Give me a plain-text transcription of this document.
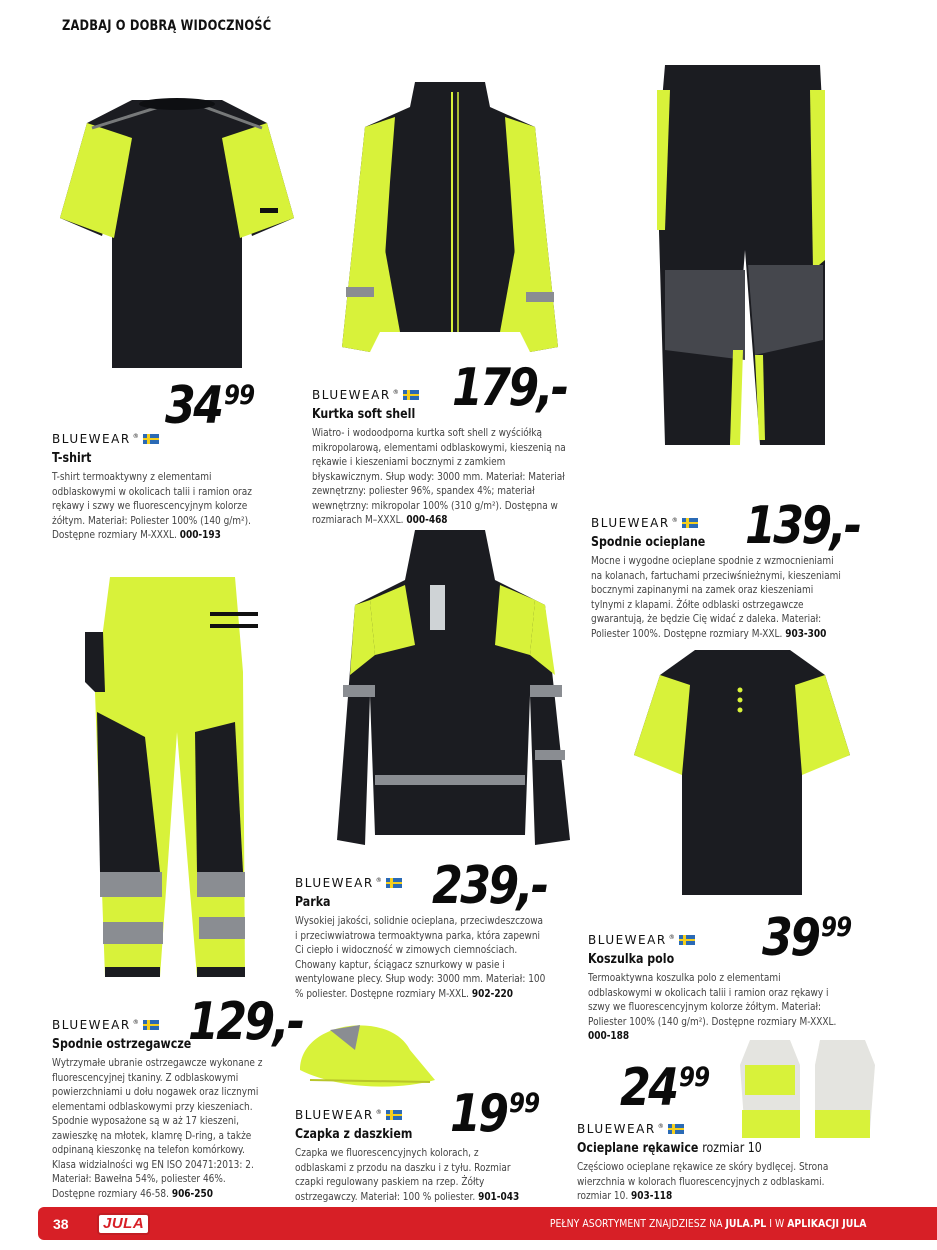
ZADBAJ O DOBRĄ WIDOCZNOŚĆ
34 99
BLUEWEAR ®
T-shirt
T-shirt termoaktywny z elementami odblaskowymi w okolicach talii i ramion oraz rękawy i szwy we fluorescencyjnym kolorze żółtym. Materiał: Poliester 100% (140 g/m²). Dostępne rozmiary M-XXXL. 000-193
179,-
BLUEWEAR ®
Kurtka soft shell
Wiatro- i wodoodporna kurtka soft shell z wyściółką mikropolarową, elementami odblaskowymi, kieszenią na rękawie i kieszeniami bocznymi z zamkiem błyskawicznym. Słup wody: 3000 mm. Materiał: Materiał zewnętrzny: poliester 96%, spandex 4%; materiał wewnętrzny: mikropolar 100% (310 g/m²). Dostępna w rozmiarach M–XXXL. 000-468	139,-
BLUEWEAR ®
Spodnie ocieplane
Mocne i wygodne ocieplane spodnie z wzmocnieniami na kolanach, fartuchami przeciwśnieżnymi, kieszeniami bocznymi zapinanymi na zamek oraz kieszeniami tylnymi z klapami. Żółte odblaski ostrzegawcze gwarantują, że będzie Cię widać z daleka. Materiał: Poliester 100%. Dostępne rozmiary M-XXL. 903-300
239,-
BLUEWEAR ®
Parka
Wysokiej jakości, solidnie ocieplana, przeciwdeszczowa i przeciwwiatrowa termoaktywna parka, która zapewni Ci ciepło i widoczność w zimowych ciemnościach. Chowany kaptur, ściągacz sznurkowy w pasie i wentylowane plecy. Słup wody: 3000 mm. Materiał: 100 % poliester. Dostępne rozmiary M-XXL. 902-220
39 99
BLUEWEAR ®
Koszulka polo
Termoaktywna koszulka polo z elementami odblaskowymi w okolicach talii i ramion oraz rękawy i szwy we fluorescencyjnym kolorze żółtym. Materiał: Poliester 100% (140 g/m²). Dostępne rozmiary M-XXXL. 000-188
129,-
BLUEWEAR ®
Spodnie ostrzegawcze
Wytrzymałe ubranie ostrzegawcze wykonane z fluorescencyjnej tkaniny. Z odblaskowymi powierzchniami u dołu nogawek oraz licznymi elementami odblaskowymi przy kieszeniach. Spodnie wyposażone są w aż 17 kieszeni, zawieszkę na młotek, klamrę D-ring, a także odpinaną kieszonkę na telefon komórkowy. Klasa widzialności wg EN ISO 20471:2013: 2. Materiał: Bawełna 54%, poliester 46%. Dostępne rozmiary 46-58. 906-250
19 99
BLUEWEAR ®
Czapka z daszkiem
Czapka we fluorescencyjnych kolorach, z odblaskami z przodu na daszku i z tyłu. Rozmiar czapki regulowany paskiem na rzep. Żółty ostrzegawczy. Materiał: 100 % poliester. 901-043
24 99
BLUEWEAR ®
Ocieplane rękawice rozmiar 10
Częściowo ocieplane rękawice ze skóry bydlęcej. Strona wierzchnia w kolorach fluorescencyjnych z odblaskami. rozmiar 10. 903-118
38	JULA	PEŁNY ASORTYMENT ZNAJDZIESZ NA JULA.PL I W APLIKACJI JULA
